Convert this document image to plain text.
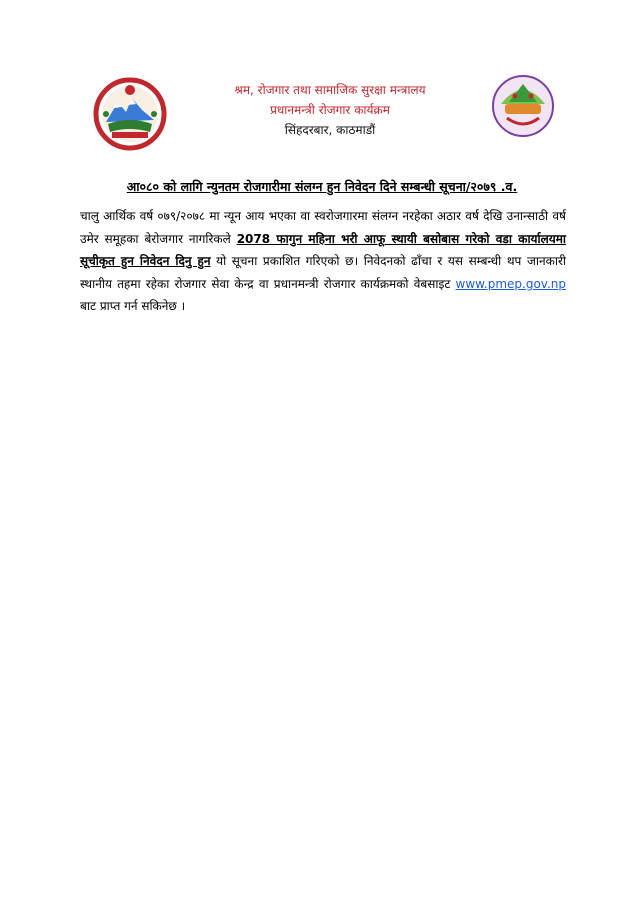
श्रम, रोजगार तथा सामाजिक सुरक्षा मन्त्रालय
प्रधानमन्त्री रोजगार कार्यक्रम
सिंहदरबार, काठमाडौं
आ०८० को लागि न्युनतम रोजगारीमा संलग्न हुन निवेदन दिने सम्बन्धी सूचना/२०७९ .व.
चालु आर्थिक वर्ष ०७९/२०७८ मा न्यून आय भएका वा स्वरोजगारमा संलग्न नरहेका अठार वर्ष देखि उनान्साठी वर्ष उमेर समूहका बेरोजगार नागरिकले 2078 फागुन महिना भरी आफू स्थायी बसोबास गरेको वडा कार्यालयमा सूचीकृत हुन निवेदन दिनु हुन यो सूचना प्रकाशित गरिएको छ। निवेदनको ढाँचा र यस सम्बन्धी थप जानकारी स्थानीय तहमा रहेका रोजगार सेवा केन्द्र वा प्रधानमन्त्री रोजगार कार्यक्रमको वेबसाइट www.pmep.gov.np बाट प्राप्त गर्न सकिनेछ ।
